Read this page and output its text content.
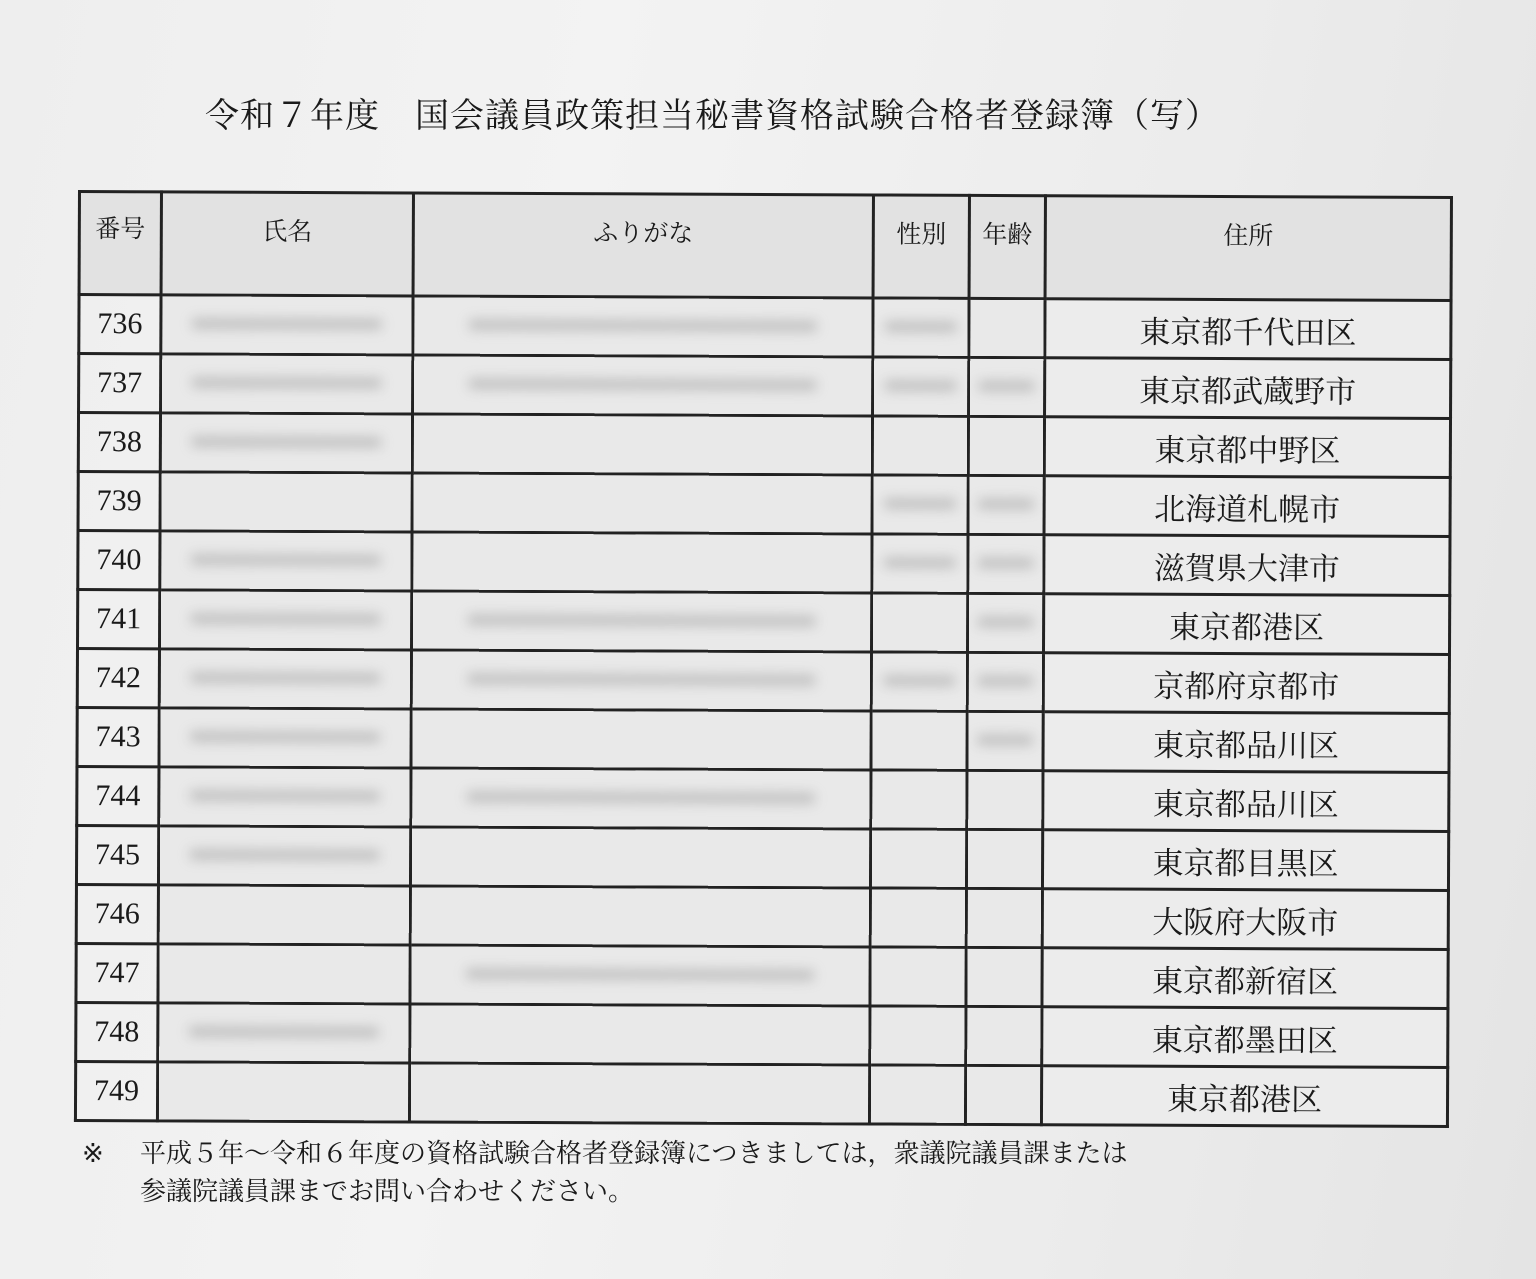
令和７年度　国会議員政策担当秘書資格試験合格者登録簿（写）
番号	氏名	ふりがな	性別	年齢	住所
736					東京都千代田区
737					東京都武蔵野市
738					東京都中野区
739					北海道札幌市
740					滋賀県大津市
741					東京都港区
742					京都府京都市
743					東京都品川区
744					東京都品川区
745					東京都目黒区
746					大阪府大阪市
747					東京都新宿区
748					東京都墨田区
749					東京都港区
※ 平成５年～令和６年度の資格試験合格者登録簿につきましては，衆議院議員課または
参議院議員課までお問い合わせください。
